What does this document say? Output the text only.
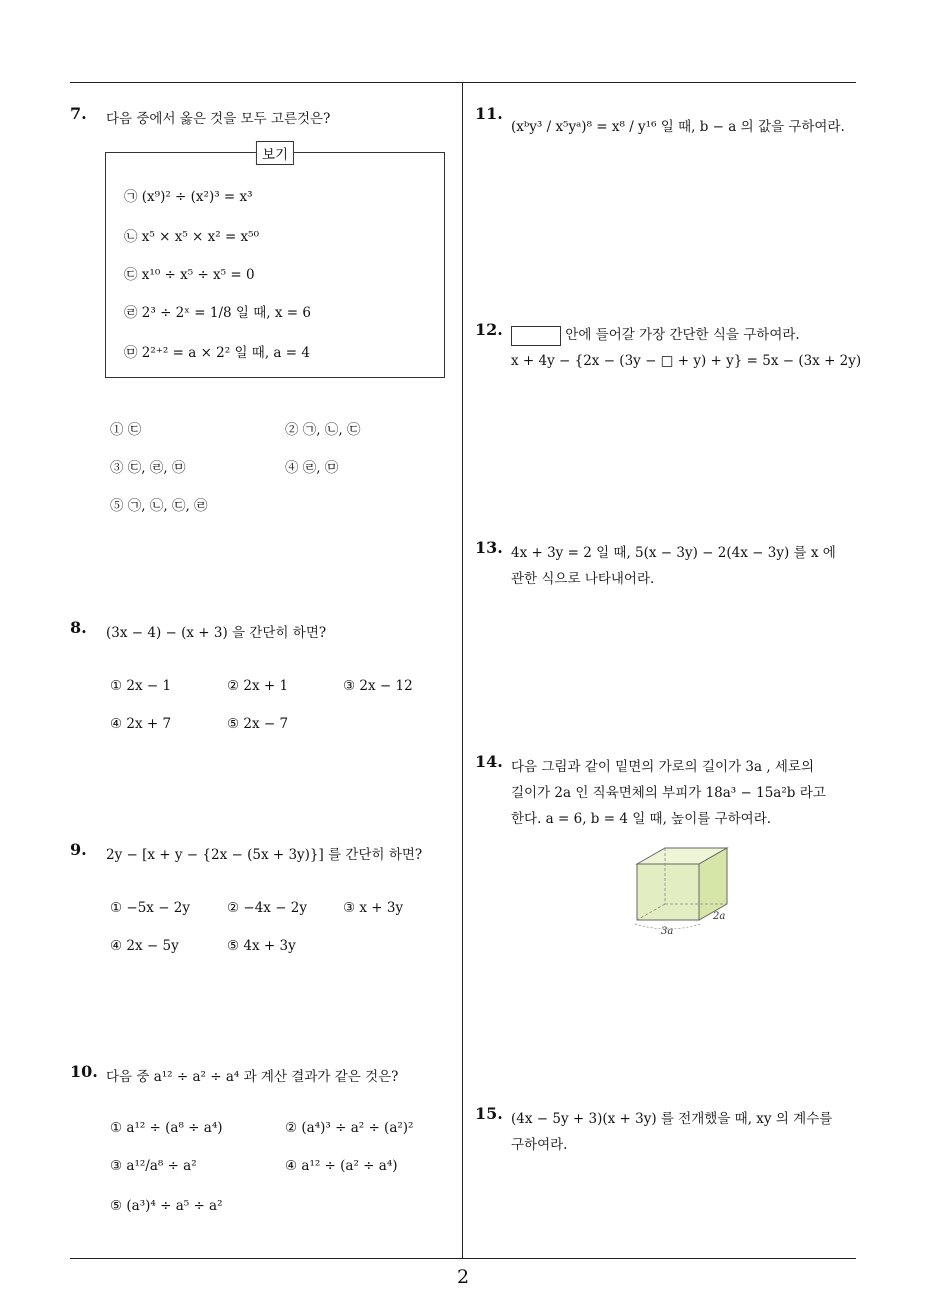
7. 다음 중에서 옳은 것을 모두 고른것은?
보기
㉠ (x⁹)² ÷ (x²)³ = x³
㉡ x⁵ × x⁵ × x² = x⁵⁰
㉢ x¹⁰ ÷ x⁵ ÷ x⁵ = 0
㉣ 2³ ÷ 2ˣ = 1/8 일 때, x = 6
㉤ 2²⁺² = a × 2² 일 때, a = 4
① ㉢	② ㉠, ㉡, ㉢
③ ㉢, ㉣, ㉤	④ ㉣, ㉤
⑤ ㉠, ㉡, ㉢, ㉣
8. (3x − 4) − (x + 3) 을 간단히 하면?
① 2x − 1	② 2x + 1	③ 2x − 12
④ 2x + 7	⑤ 2x − 7
9. 2y − [x + y − {2x − (5x + 3y)}] 를 간단히 하면?
① −5x − 2y	② −4x − 2y	③ x + 3y
④ 2x − 5y	⑤ 4x + 3y
10. 다음 중 a¹² ÷ a² ÷ a⁴ 과 계산 결과가 같은 것은?
① a¹² ÷ (a⁸ ÷ a⁴)	② (a⁴)³ ÷ a² ÷ (a²)²
③ a¹²/a⁸ ÷ a²	④ a¹² ÷ (a² ÷ a⁴)
⑤ (a³)⁴ ÷ a⁵ ÷ a²
11.
(xᵇy³ / x⁵yᵃ)⁸ = x⁸ / y¹⁶ 일 때, b − a 의 값을 구하여라.
12.	안에 들어갈 가장 간단한 식을 구하여라.
x + 4y − {2x − (3y − □ + y) + y} = 5x − (3x + 2y)
13. 4x + 3y = 2 일 때, 5(x − 3y) − 2(4x − 3y) 를 x 에
관한 식으로 나타내어라.
14. 다음 그림과 같이 밑면의 가로의 길이가 3a , 세로의
길이가 2a 인 직육면체의 부피가 18a³ − 15a²b 라고
한다. a = 6, b = 4 일 때, 높이를 구하여라.
3a
2a
15. (4x − 5y + 3)(x + 3y) 를 전개했을 때, xy 의 계수를
구하여라.
2
